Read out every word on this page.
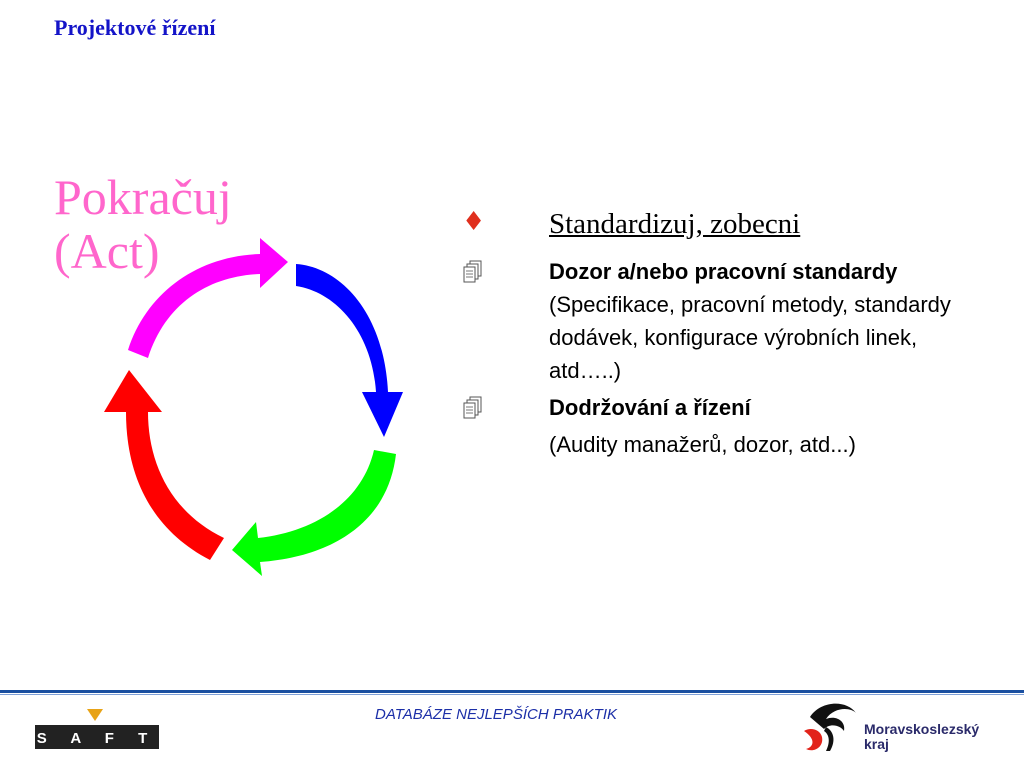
Projektové řízení
Pokračuj
(Act)
♦ Standardizuj, zobecni
Dozor a/nebo pracovní standardy
(Specifikace, pracovní metody, standardy dodávek, konfigurace výrobních linek, atd…..)
Dodržování a řízení
(Audity manažerů, dozor, atd...)
S A F T
DATABÁZE NEJLEPŠÍCH PRAKTIK
Moravskoslezský
kraj
